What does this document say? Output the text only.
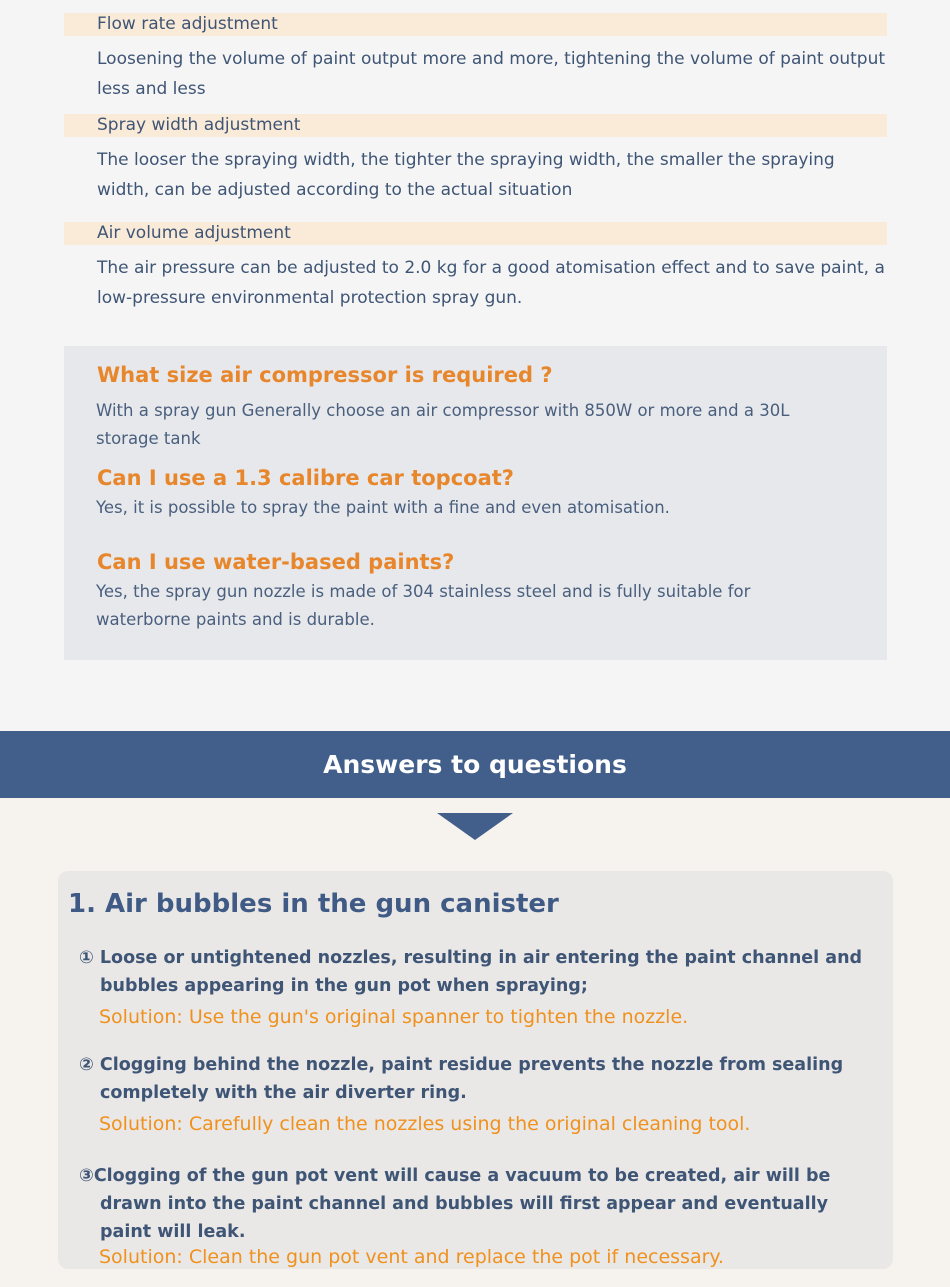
Flow rate adjustment
Loosening the volume of paint output more and more, tightening the volume of paint output less and less
Spray width adjustment
The looser the spraying width, the tighter the spraying width, the smaller the spraying width, can be adjusted according to the actual situation
Air volume adjustment
The air pressure can be adjusted to 2.0 kg for a good atomisation effect and to save paint, a low-pressure environmental protection spray gun.
What size air compressor is required ?
With a spray gun Generally choose an air compressor with 850W or more and a 30L storage tank
Can I use a 1.3 calibre car topcoat?
Yes, it is possible to spray the paint with a fine and even atomisation.
Can I use water-based paints?
Yes, the spray gun nozzle is made of 304 stainless steel and is fully suitable for waterborne paints and is durable.
Answers to questions
1. Air bubbles in the gun canister
① Loose or untightened nozzles, resulting in air entering the paint channel and bubbles appearing in the gun pot when spraying;
Solution: Use the gun's original spanner to tighten the nozzle.
② Clogging behind the nozzle, paint residue prevents the nozzle from sealing completely with the air diverter ring.
Solution: Carefully clean the nozzles using the original cleaning tool.
③Clogging of the gun pot vent will cause a vacuum to be created, air will be drawn into the paint channel and bubbles will first appear and eventually paint will leak.
Solution: Clean the gun pot vent and replace the pot if necessary.
